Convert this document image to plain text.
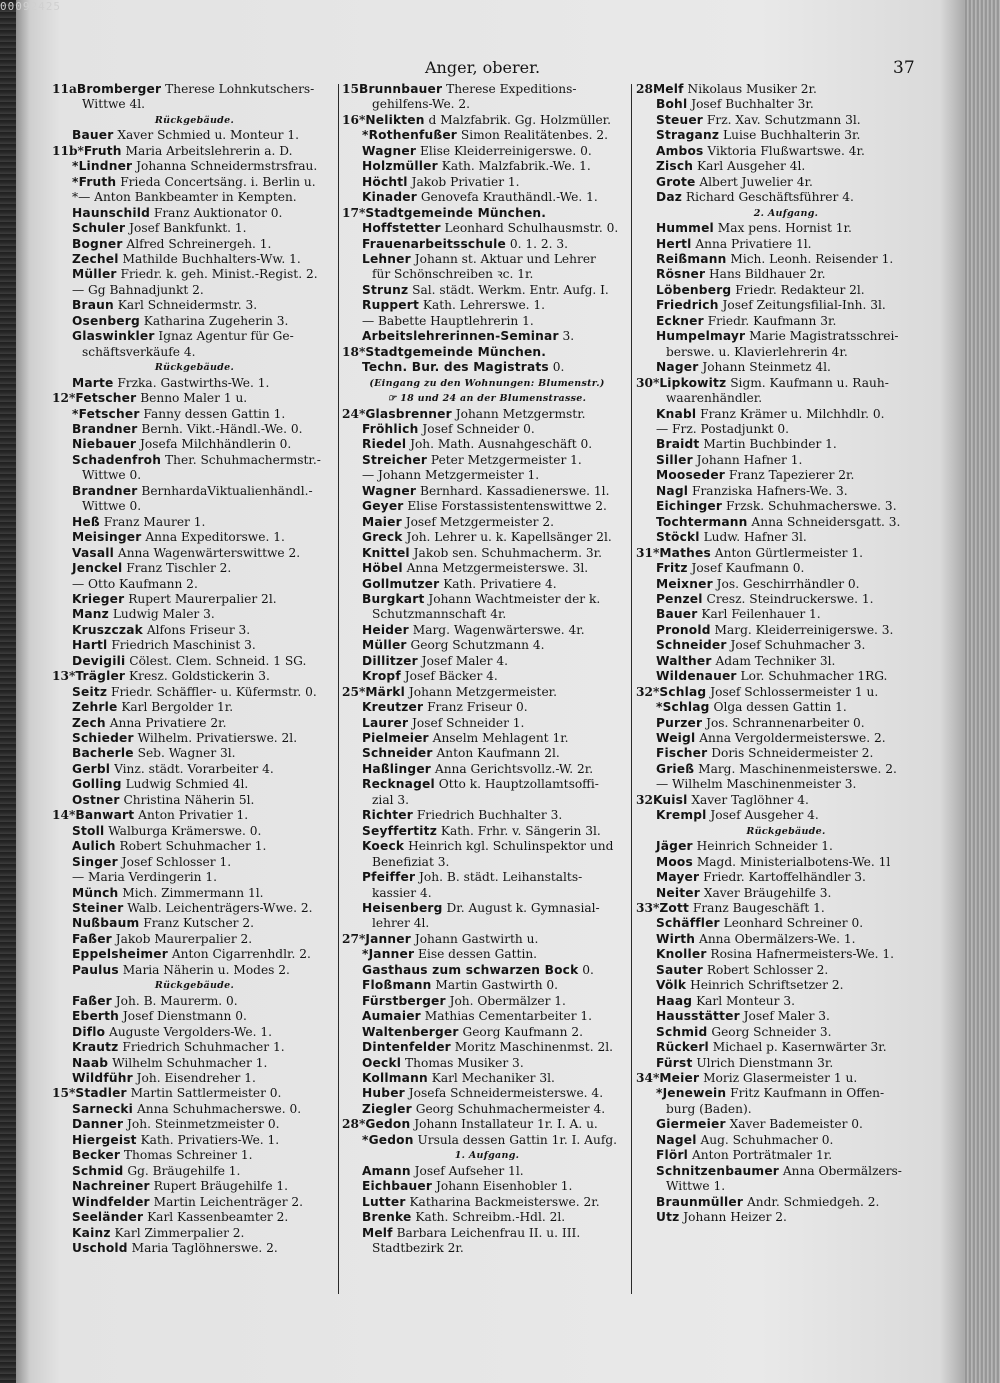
00092425
Anger, oberer.	37
11aBromberger Therese Lohnkutschers-
Wittwe 4l.
Rückgebäude.
Bauer Xaver Schmied u. Monteur 1.
11b*Fruth Maria Arbeitslehrerin a. D.
*Lindner Johanna Schneidermstrsfrau.
*Fruth Frieda Concertsäng. i. Berlin u.
*— Anton Bankbeamter in Kempten.
Haunschild Franz Auktionator 0.
Schuler Josef Bankfunkt. 1.
Bogner Alfred Schreinergeh. 1.
Zechel Mathilde Buchhalters-Ww. 1.
Müller Friedr. k. geh. Minist.-Regist. 2.
— Gg Bahnadjunkt 2.
Braun Karl Schneidermstr. 3.
Osenberg Katharina Zugeherin 3.
Glaswinkler Ignaz Agentur für Ge-
schäftsverkäufe 4.
Rückgebäude.
Marte Frzka. Gastwirths-We. 1.
12*Fetscher Benno Maler 1 u.
*Fetscher Fanny dessen Gattin 1.
Brandner Bernh. Vikt.-Händl.-We. 0.
Niebauer Josefa Milchhändlerin 0.
Schadenfroh Ther. Schuhmachermstr.-
Wittwe 0.
Brandner BernhardaViktualienhändl.-
Wittwe 0.
Heß Franz Maurer 1.
Meisinger Anna Expeditorswe. 1.
Vasall Anna Wagenwärterswittwe 2.
Jenckel Franz Tischler 2.
— Otto Kaufmann 2.
Krieger Rupert Maurerpalier 2l.
Manz Ludwig Maler 3.
Kruszczak Alfons Friseur 3.
Hartl Friedrich Maschinist 3.
Devigili Cölest. Clem. Schneid. 1 SG.
13*Trägler Kresz. Goldstickerin 3.
Seitz Friedr. Schäffler- u. Küfermstr. 0.
Zehrle Karl Bergolder 1r.
Zech Anna Privatiere 2r.
Schieder Wilhelm. Privatierswe. 2l.
Bacherle Seb. Wagner 3l.
Gerbl Vinz. städt. Vorarbeiter 4.
Golling Ludwig Schmied 4l.
Ostner Christina Näherin 5l.
14*Banwart Anton Privatier 1.
Stoll Walburga Krämerswe. 0.
Aulich Robert Schuhmacher 1.
Singer Josef Schlosser 1.
— Maria Verdingerin 1.
Münch Mich. Zimmermann 1l.
Steiner Walb. Leichenträgers-Wwe. 2.
Nußbaum Franz Kutscher 2.
Faßer Jakob Maurerpalier 2.
Eppelsheimer Anton Cigarrenhdlr. 2.
Paulus Maria Näherin u. Modes 2.
Rückgebäude.
Faßer Joh. B. Maurerm. 0.
Eberth Josef Dienstmann 0.
Diflo Auguste Vergolders-We. 1.
Krautz Friedrich Schuhmacher 1.
Naab Wilhelm Schuhmacher 1.
Wildführ Joh. Eisendreher 1.
15*Stadler Martin Sattlermeister 0.
Sarnecki Anna Schuhmacherswe. 0.
Danner Joh. Steinmetzmeister 0.
Hiergeist Kath. Privatiers-We. 1.
Becker Thomas Schreiner 1.
Schmid Gg. Bräugehilfe 1.
Nachreiner Rupert Bräugehilfe 1.
Windfelder Martin Leichenträger 2.
Seeländer Karl Kassenbeamter 2.
Kainz Karl Zimmerpalier 2.
Uschold Maria Taglöhnerswe. 2.
15Brunnbauer Therese Expeditions-
gehilfens-We. 2.
16*Nelikten d Malzfabrik. Gg. Holzmüller.
*Rothenfußer Simon Realitätenbes. 2.
Wagner Elise Kleiderreinigerswe. 0.
Holzmüller Kath. Malzfabrik.-We. 1.
Höchtl Jakob Privatier 1.
Kinader Genovefa Krauthändl.-We. 1.
17*Stadtgemeinde München.
Hoffstetter Leonhard Schulhausmstr. 0.
Frauenarbeitsschule 0. 1. 2. 3.
Lehner Johann st. Aktuar und Lehrer
für Schönschreiben ꝛc. 1r.
Strunz Sal. städt. Werkm. Entr. Aufg. I.
Ruppert Kath. Lehrerswe. 1.
— Babette Hauptlehrerin 1.
Arbeitslehrerinnen-Seminar 3.
18*Stadtgemeinde München.
Techn. Bur. des Magistrats 0.
(Eingang zu den Wohnungen: Blumenstr.)
☞ 18 und 24 an der Blumenstrasse.
24*Glasbrenner Johann Metzgermstr.
Fröhlich Josef Schneider 0.
Riedel Joh. Math. Ausnahgeschäft 0.
Streicher Peter Metzgermeister 1.
— Johann Metzgermeister 1.
Wagner Bernhard. Kassadienerswe. 1l.
Geyer Elise Forstassistentenswittwe 2.
Maier Josef Metzgermeister 2.
Greck Joh. Lehrer u. k. Kapellsänger 2l.
Knittel Jakob sen. Schuhmacherm. 3r.
Höbel Anna Metzgermeisterswe. 3l.
Gollmutzer Kath. Privatiere 4.
Burgkart Johann Wachtmeister der k.
Schutzmannschaft 4r.
Heider Marg. Wagenwärterswe. 4r.
Müller Georg Schutzmann 4.
Dillitzer Josef Maler 4.
Kropf Josef Bäcker 4.
25*Märkl Johann Metzgermeister.
Kreutzer Franz Friseur 0.
Laurer Josef Schneider 1.
Pielmeier Anselm Mehlagent 1r.
Schneider Anton Kaufmann 2l.
Haßlinger Anna Gerichtsvollz.-W. 2r.
Recknagel Otto k. Hauptzollamtsoffi-
zial 3.
Richter Friedrich Buchhalter 3.
Seyffertitz Kath. Frhr. v. Sängerin 3l.
Koeck Heinrich kgl. Schulinspektor und
Benefiziat 3.
Pfeiffer Joh. B. städt. Leihanstalts-
kassier 4.
Heisenberg Dr. August k. Gymnasial-
lehrer 4l.
27*Janner Johann Gastwirth u.
*Janner Eise dessen Gattin.
Gasthaus zum schwarzen Bock 0.
Floßmann Martin Gastwirth 0.
Fürstberger Joh. Obermälzer 1.
Aumaier Mathias Cementarbeiter 1.
Waltenberger Georg Kaufmann 2.
Dintenfelder Moritz Maschinenmst. 2l.
Oeckl Thomas Musiker 3.
Kollmann Karl Mechaniker 3l.
Huber Josefa Schneidermeisterswe. 4.
Ziegler Georg Schuhmachermeister 4.
28*Gedon Johann Installateur 1r. I. A. u.
*Gedon Ursula dessen Gattin 1r. I. Aufg.
1. Aufgang.
Amann Josef Aufseher 1l.
Eichbauer Johann Eisenhobler 1.
Lutter Katharina Backmeisterswe. 2r.
Brenke Kath. Schreibm.-Hdl. 2l.
Melf Barbara Leichenfrau II. u. III.
Stadtbezirk 2r.
28Melf Nikolaus Musiker 2r.
Bohl Josef Buchhalter 3r.
Steuer Frz. Xav. Schutzmann 3l.
Straganz Luise Buchhalterin 3r.
Ambos Viktoria Flußwartswe. 4r.
Zisch Karl Ausgeher 4l.
Grote Albert Juwelier 4r.
Daz Richard Geschäftsführer 4.
2. Aufgang.
Hummel Max pens. Hornist 1r.
Hertl Anna Privatiere 1l.
Reißmann Mich. Leonh. Reisender 1.
Rösner Hans Bildhauer 2r.
Löbenberg Friedr. Redakteur 2l.
Friedrich Josef Zeitungsfilial-Inh. 3l.
Eckner Friedr. Kaufmann 3r.
Humpelmayr Marie Magistratsschrei-
berswe. u. Klavierlehrerin 4r.
Nager Johann Steinmetz 4l.
30*Lipkowitz Sigm. Kaufmann u. Rauh-
waarenhändler.
Knabl Franz Krämer u. Milchhdlr. 0.
— Frz. Postadjunkt 0.
Braidt Martin Buchbinder 1.
Siller Johann Hafner 1.
Mooseder Franz Tapezierer 2r.
Nagl Franziska Hafners-We. 3.
Eichinger Frzsk. Schuhmacherswe. 3.
Tochtermann Anna Schneidersgatt. 3.
Stöckl Ludw. Hafner 3l.
31*Mathes Anton Gürtlermeister 1.
Fritz Josef Kaufmann 0.
Meixner Jos. Geschirrhändler 0.
Penzel Cresz. Steindruckerswe. 1.
Bauer Karl Feilenhauer 1.
Pronold Marg. Kleiderreinigerswe. 3.
Schneider Josef Schuhmacher 3.
Walther Adam Techniker 3l.
Wildenauer Lor. Schuhmacher 1RG.
32*Schlag Josef Schlossermeister 1 u.
*Schlag Olga dessen Gattin 1.
Purzer Jos. Schrannenarbeiter 0.
Weigl Anna Vergoldermeisterswe. 2.
Fischer Doris Schneidermeister 2.
Grieß Marg. Maschinenmeisterswe. 2.
— Wilhelm Maschinenmeister 3.
32Kuisl Xaver Taglöhner 4.
Krempl Josef Ausgeher 4.
Rückgebäude.
Jäger Heinrich Schneider 1.
Moos Magd. Ministerialbotens-We. 1l
Mayer Friedr. Kartoffelhändler 3.
Neiter Xaver Bräugehilfe 3.
33*Zott Franz Baugeschäft 1.
Schäffler Leonhard Schreiner 0.
Wirth Anna Obermälzers-We. 1.
Knoller Rosina Hafnermeisters-We. 1.
Sauter Robert Schlosser 2.
Völk Heinrich Schriftsetzer 2.
Haag Karl Monteur 3.
Hausstätter Josef Maler 3.
Schmid Georg Schneider 3.
Rückerl Michael p. Kasernwärter 3r.
Fürst Ulrich Dienstmann 3r.
34*Meier Moriz Glasermeister 1 u.
*Jenewein Fritz Kaufmann in Offen-
burg (Baden).
Giermeier Xaver Bademeister 0.
Nagel Aug. Schuhmacher 0.
Flörl Anton Porträtmaler 1r.
Schnitzenbaumer Anna Obermälzers-
Wittwe 1.
Braunmüller Andr. Schmiedgeh. 2.
Utz Johann Heizer 2.
